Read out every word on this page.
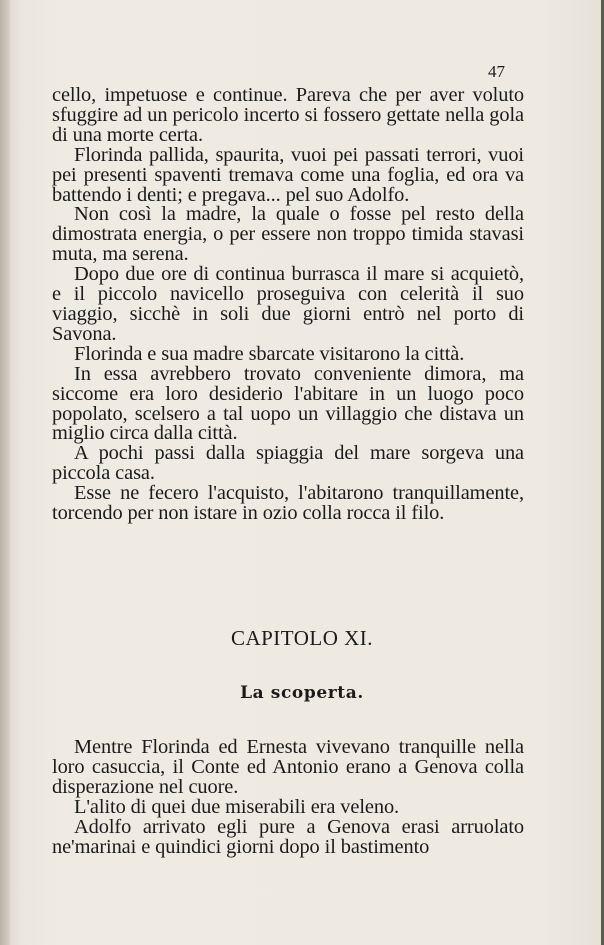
47

cello, impetuose e continue. Pareva che per aver voluto sfuggire ad un pericolo incerto si fossero gettate nella gola di una morte certa.

Florinda pallida, spaurita, vuoi pei passati terrori, vuoi pei presenti spaventi tremava come una foglia, ed ora va battendo i denti; e pregava... pel suo Adolfo.

Non così la madre, la quale o fosse pel resto della dimostrata energia, o per essere non troppo timida stavasi muta, ma serena.

Dopo due ore di continua burrasca il mare si acquietò, e il piccolo navicello proseguiva con celerità il suo viaggio, sicchè in soli due giorni entrò nel porto di Savona.

Florinda e sua madre sbarcate visitarono la città.

In essa avrebbero trovato conveniente dimora, ma siccome era loro desiderio l'abitare in un luogo poco popolato, scelsero a tal uopo un villaggio che distava un miglio circa dalla città.

A pochi passi dalla spiaggia del mare sorgeva una piccola casa.

Esse ne fecero l'acquisto, l'abitarono tranquillamente, torcendo per non istare in ozio colla rocca il filo.

CAPITOLO XI.
La scoperta.

Mentre Florinda ed Ernesta vivevano tranquille nella loro casuccia, il Conte ed Antonio erano a Genova colla disperazione nel cuore.

L'alito di quei due miserabili era veleno.

Adolfo arrivato egli pure a Genova erasi arruolato ne'marinai e quindici giorni dopo il bastimento
